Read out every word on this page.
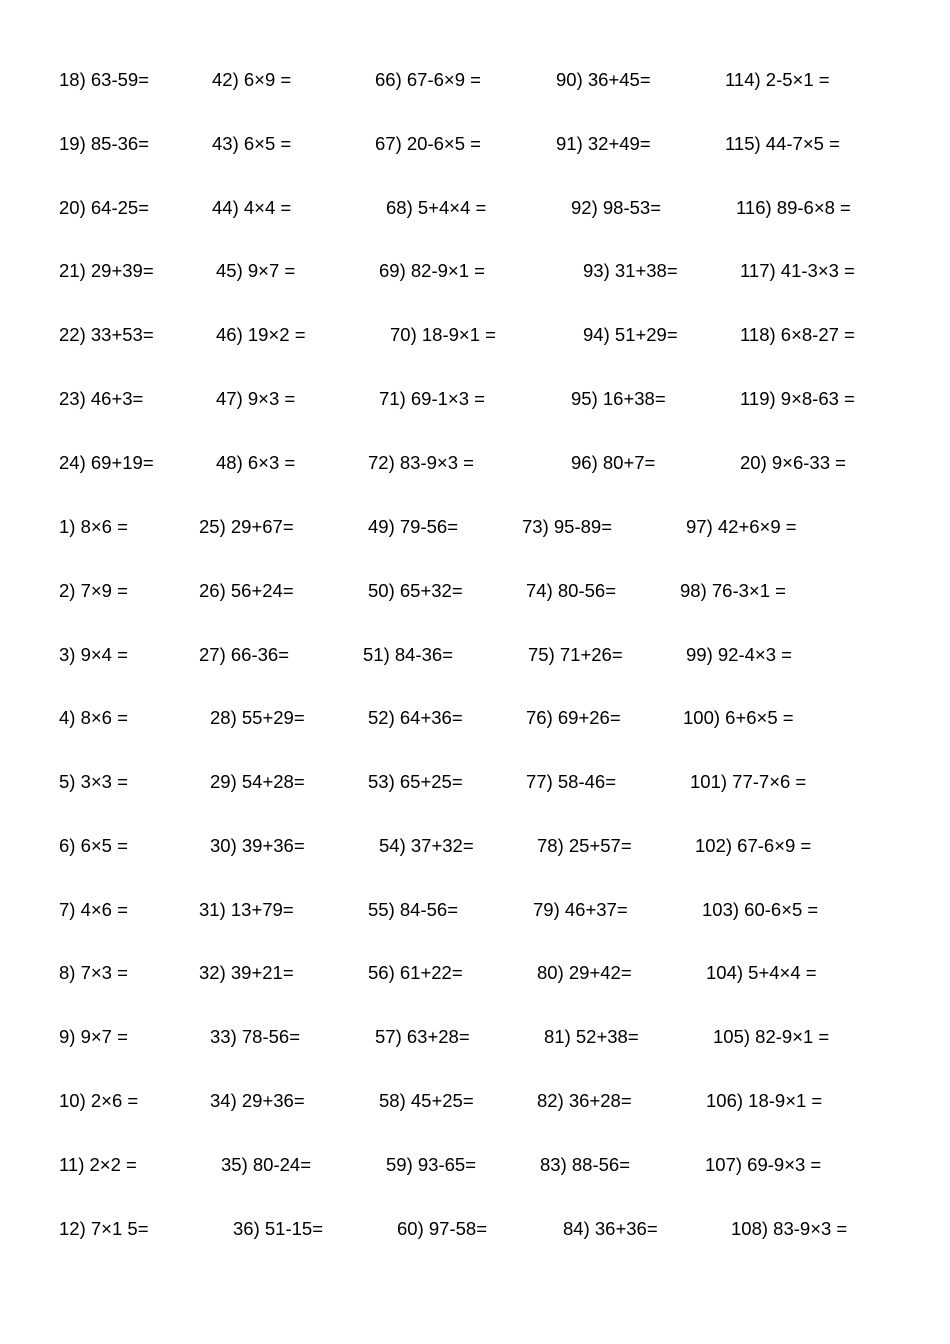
18) 63-59=	42) 6×9 =	66) 67-6×9 =	90) 36+45=	114) 2-5×1 =
19) 85-36=	43) 6×5 =	67) 20-6×5 =	91) 32+49=	115) 44-7×5 =
20) 64-25=	44) 4×4 =	68) 5+4×4 =	92) 98-53=	116) 89-6×8 =
21) 29+39=	45) 9×7 =	69) 82-9×1 =	93) 31+38=	117) 41-3×3 =
22) 33+53=	46) 19×2 =	70) 18-9×1 =	94) 51+29=	118) 6×8-27 =
23) 46+3=	47) 9×3 =	71) 69-1×3 =	95) 16+38=	119) 9×8-63 =
24) 69+19=	48) 6×3 =	72) 83-9×3 =	96) 80+7=	20) 9×6-33 =
1) 8×6 =	25) 29+67=	49) 79-56=	73) 95-89=	97) 42+6×9 =
2) 7×9 =	26) 56+24=	50) 65+32=	74) 80-56=	98) 76-3×1 =
3) 9×4 =	27) 66-36=	51) 84-36=	75) 71+26=	99) 92-4×3 =
4) 8×6 =	28) 55+29=	52) 64+36=	76) 69+26=	100) 6+6×5 =
5) 3×3 =	29) 54+28=	53) 65+25=	77) 58-46=	101) 77-7×6 =
6) 6×5 =	30) 39+36=	54) 37+32=	78) 25+57=	102) 67-6×9 =
7) 4×6 =	31) 13+79=	55) 84-56=	79) 46+37=	103) 60-6×5 =
8) 7×3 =	32) 39+21=	56) 61+22=	80) 29+42=	104) 5+4×4 =
9) 9×7 =	33) 78-56=	57) 63+28=	81) 52+38=	105) 82-9×1 =
10) 2×6 =	34) 29+36=	58) 45+25=	82) 36+28=	106) 18-9×1 =
11) 2×2 =	35) 80-24=	59) 93-65=	83) 88-56=	107) 69-9×3 =
12) 7×1 5=	36) 51-15=	60) 97-58=	84) 36+36=	108) 83-9×3 =
